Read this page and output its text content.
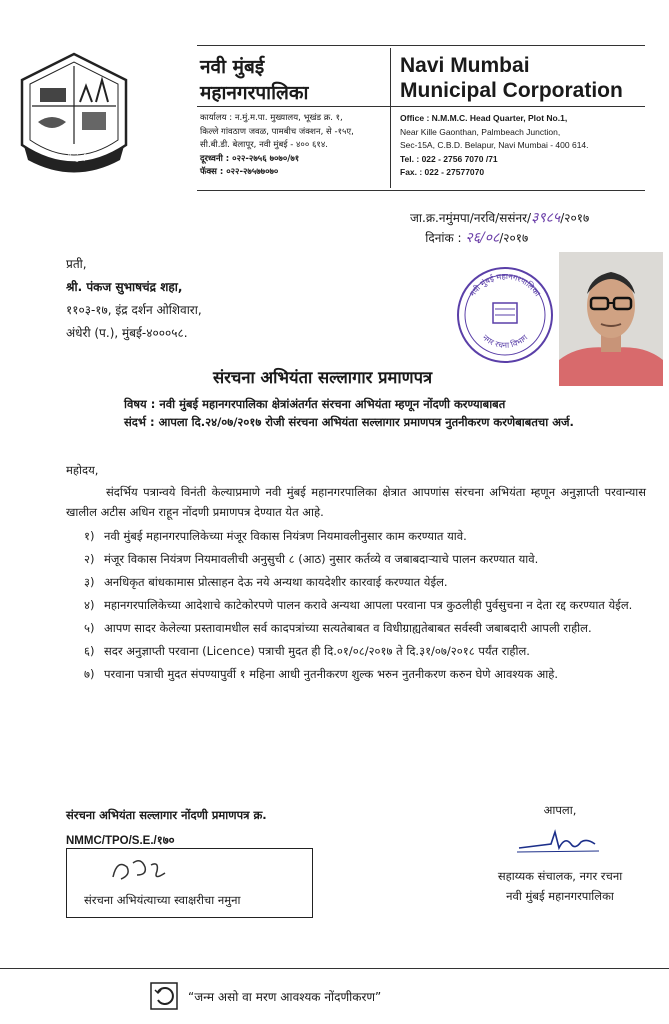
नवी मुंबई
नवी मुंबई
महानगरपालिका
Navi Mumbai
Municipal Corporation
कार्यालय : न.मुं.म.पा. मुख्यालय, भूखंड क्र. १,
किल्ले गांवठाण जवळ, पामबीच जंक्शन, से -१५ए,
सी.बी.डी. बेलापूर, नवी मुंबई - ४०० ६१४.
दूरध्वनी : ०२२-२७५६ ७०७०/७१
फॅक्स : ०२२-२७५७७०७०
Office : N.M.M.C. Head Quarter, Plot No.1,
Near Kille Gaonthan, Palmbeach Junction,
Sec-15A, C.B.D. Belapur, Navi Mumbai - 400 614.
Tel. : 022 - 2756 7070 /71
Fax. : 022 - 27577070
जा.क्र.नमुंमपा/नरवि/ससंनर/३९८५/२०१७
दिनांक : २६/०८/२०१७
प्रती,
श्री. पंकज सुभाषचंद्र शहा,
११०३-१७, इंद्र दर्शन ओशिवारा,
अंधेरी (प.), मुंबई-४०००५८.
नवी मुंबई महानगरपालिका
नगर रचना विभाग
संरचना अभियंता सल्लागार प्रमाणपत्र
विषय : नवी मुंबई महानगरपालिका क्षेत्रांअंतर्गत संरचना अभियंता म्हणून नोंदणी करण्याबाबत
संदर्भ : आपला दि.२४/०७/२०१७ रोजी संरचना अभियंता सल्लागार प्रमाणपत्र नुतनीकरण करणेबाबतचा अर्ज.
महोदय,

संदर्भिय पत्रान्वये विनंती केल्याप्रमाणे नवी मुंबई महानगरपालिका क्षेत्रात आपणांस संरचना अभियंता म्हणून अनुज्ञाप्ती परवान्यास खालील अटीस अधिन राहून नोंदणी प्रमाणपत्र देण्यात येत आहे.

१) नवी मुंबई महानगरपालिकेच्या मंजूर विकास नियंत्रण नियमावलीनुसार काम करण्यात यावे.
२) मंजूर विकास नियंत्रण नियमावलीची अनुसुची ८ (आठ) नुसार कर्तव्ये व जबाबदाऱ्याचे पालन करण्यात यावे.
३) अनधिकृत बांधकामास प्रोत्साहन देऊ नये अन्यथा कायदेशीर कारवाई करण्यात येईल.
४) महानगरपालिकेच्या आदेशाचे काटेकोरपणे पालन करावे अन्यथा आपला परवाना पत्र कुठलीही पुर्वसुचना न देता रद्द करण्यात येईल.
५) आपण सादर केलेल्या प्रस्तावामधील सर्व कादपत्रांच्या सत्यतेबाबत व विधीग्राह्यतेबाबत सर्वस्वी जबाबदारी आपली राहील.
६) सदर अनुज्ञाप्ती परवाना (Licence) पत्राची मुदत ही दि.०१/०८/२०१७ ते दि.३१/०७/२०१८ पर्यंत राहील.
७) परवाना पत्राची मुदत संपण्यापुर्वी १ महिना आधी नुतनीकरण शुल्क भरुन नुतनीकरण करुन घेणे आवश्यक आहे.
संरचना अभियंता सल्लागार नोंदणी प्रमाणपत्र क्र.
NMMC/TPO/S.E./१७०
आपला,
सहाय्यक संचालक, नगर रचना
नवी मुंबई महानगरपालिका
संरचना अभियंत्याच्या स्वाक्षरीचा नमुना
“जन्म असो वा मरण आवश्यक नोंदणीकरण”
